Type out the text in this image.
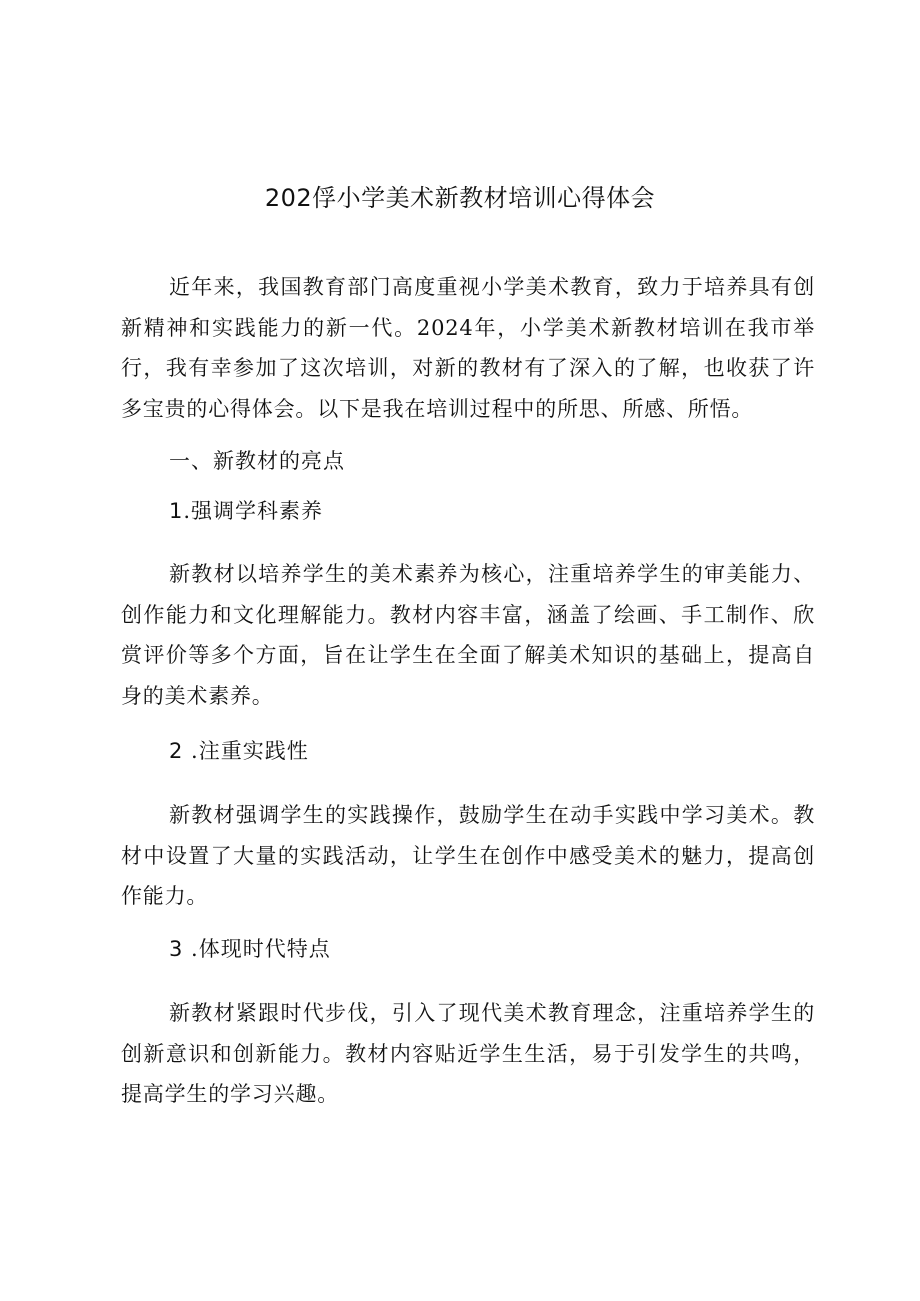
202俘小学美术新教材培训心得体会

近年来，我国教育部门高度重视小学美术教育，致力于培养具有创新精神和实践能力的新一代。2024年，小学美术新教材培训在我市举行，我有幸参加了这次培训，对新的教材有了深入的了解，也收获了许多宝贵的心得体会。以下是我在培训过程中的所思、所感、所悟。

一、新教材的亮点

1.强调学科素养

新教材以培养学生的美术素养为核心，注重培养学生的审美能力、创作能力和文化理解能力。教材内容丰富，涵盖了绘画、手工制作、欣赏评价等多个方面，旨在让学生在全面了解美术知识的基础上，提高自身的美术素养。

2 .注重实践性

新教材强调学生的实践操作，鼓励学生在动手实践中学习美术。教材中设置了大量的实践活动，让学生在创作中感受美术的魅力，提高创作能力。

3 .体现时代特点

新教材紧跟时代步伐，引入了现代美术教育理念，注重培养学生的创新意识和创新能力。教材内容贴近学生生活，易于引发学生的共鸣，提高学生的学习兴趣。
